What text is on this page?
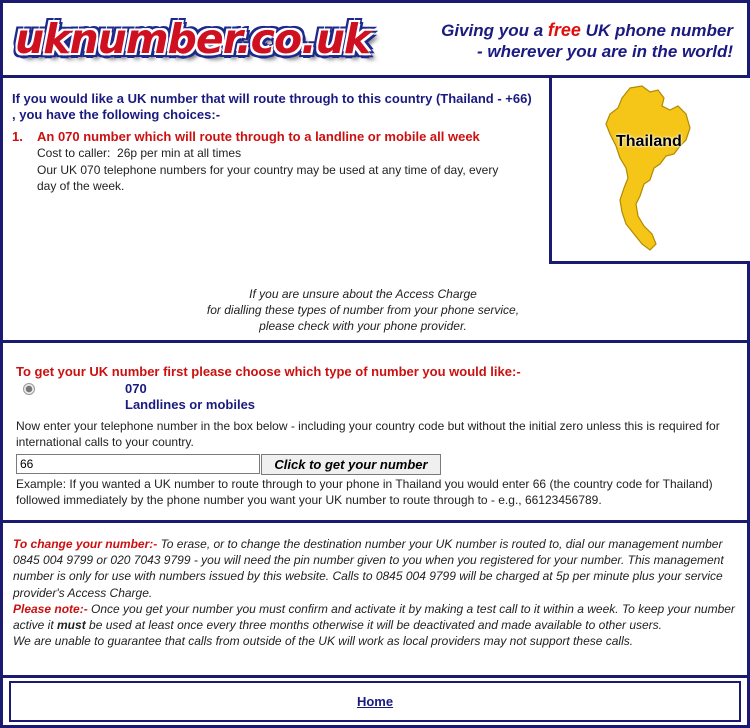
uknumber.co.uk	Giving you a free UK phone number
- wherever you are in the world!
If you would like a UK number that will route through to this country (Thailand - +66) , you have the following choices:-
1. An 070 number which will route through to a landline or mobile all week
Cost to caller: 26p per min at all times
Our UK 070 telephone numbers for your country may be used at any time of day, every day of the week.
Thailand
If you are unsure about the Access Charge
for dialling these types of number from your phone service,
please check with your phone provider.
To get your UK number first please choose which type of number you would like:-
070
Landlines or mobiles
Now enter your telephone number in the box below - including your country code but without the initial zero unless this is required for international calls to your country.
66
Click to get your number
Example: If you wanted a UK number to route through to your phone in Thailand you would enter 66 (the country code for Thailand) followed immediately by the phone number you want your UK number to route through to - e.g., 66123456789.
To change your number:- To erase, or to change the destination number your UK number is routed to, dial our management number 0845 004 9799 or 020 7043 9799 - you will need the pin number given to you when you registered for your number. This management number is only for use with numbers issued by this website. Calls to 0845 004 9799 will be charged at 5p per minute plus your service provider's Access Charge.
Please note:- Once you get your number you must confirm and activate it by making a test call to it within a week. To keep your number active it must be used at least once every three months otherwise it will be deactivated and made available to other users.
We are unable to guarantee that calls from outside of the UK will work as local providers may not support these calls.
Home
